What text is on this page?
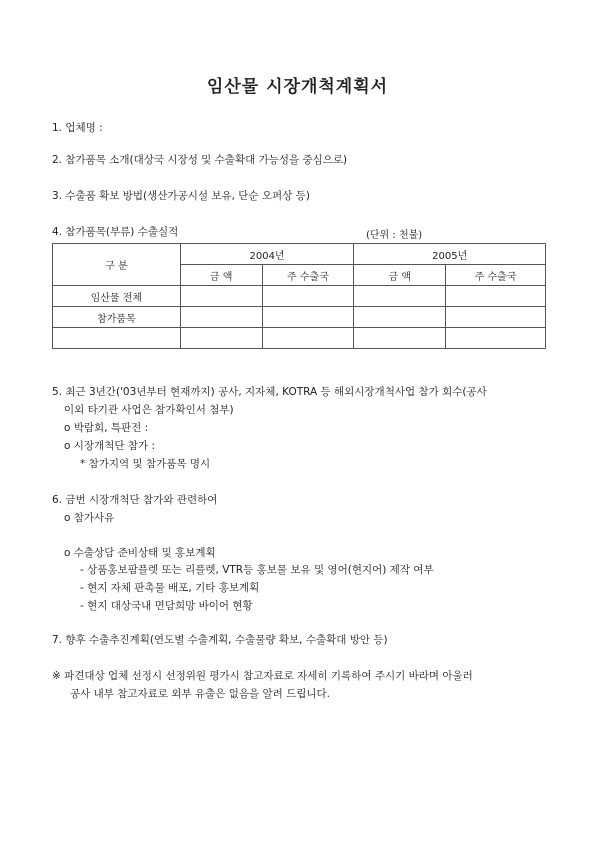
임산물 시장개척계획서
1. 업체명 :
2. 참가품목 소개(대상국 시장성 및 수출확대 가능성을 중심으로)
3. 수출품 확보 방법(생산가공시설 보유, 단순 오퍼상 등)
4. 참가품목(부류) 수출실적	(단위 : 천불)
구 분	2004년		2005년	
	금 액	주 수출국	금 액	주 수출국
임산물 전체				
참가품목				

5. 최근 3년간('03년부터 현재까지) 공사, 지자체, KOTRA 등 해외시장개척사업 참가 회수(공사
이외 타기관 사업은 참가확인서 첨부)
o 박람회, 특판전 :
o 시장개척단 참가 :
* 참가지역 및 참가품목 명시
6. 금번 시장개척단 참가와 관련하여
o 참가사유
o 수출상담 준비상태 및 홍보계획
- 상품홍보팜플렛 또는 리플렛, VTR등 홍보물 보유 및 영어(현지어) 제작 여부
- 현지 자체 판촉물 배포, 기타 홍보계획
- 현지 대상국내 면담희망 바이어 현황
7. 향후 수출추진계획(연도별 수출계획, 수출물량 확보, 수출확대 방안 등)
※ 파견대상 업체 선정시 선정위원 평가시 참고자료로 자세히 기록하여 주시기 바라며 아울러
공사 내부 참고자료로 외부 유출은 없음을 알려 드립니다.
